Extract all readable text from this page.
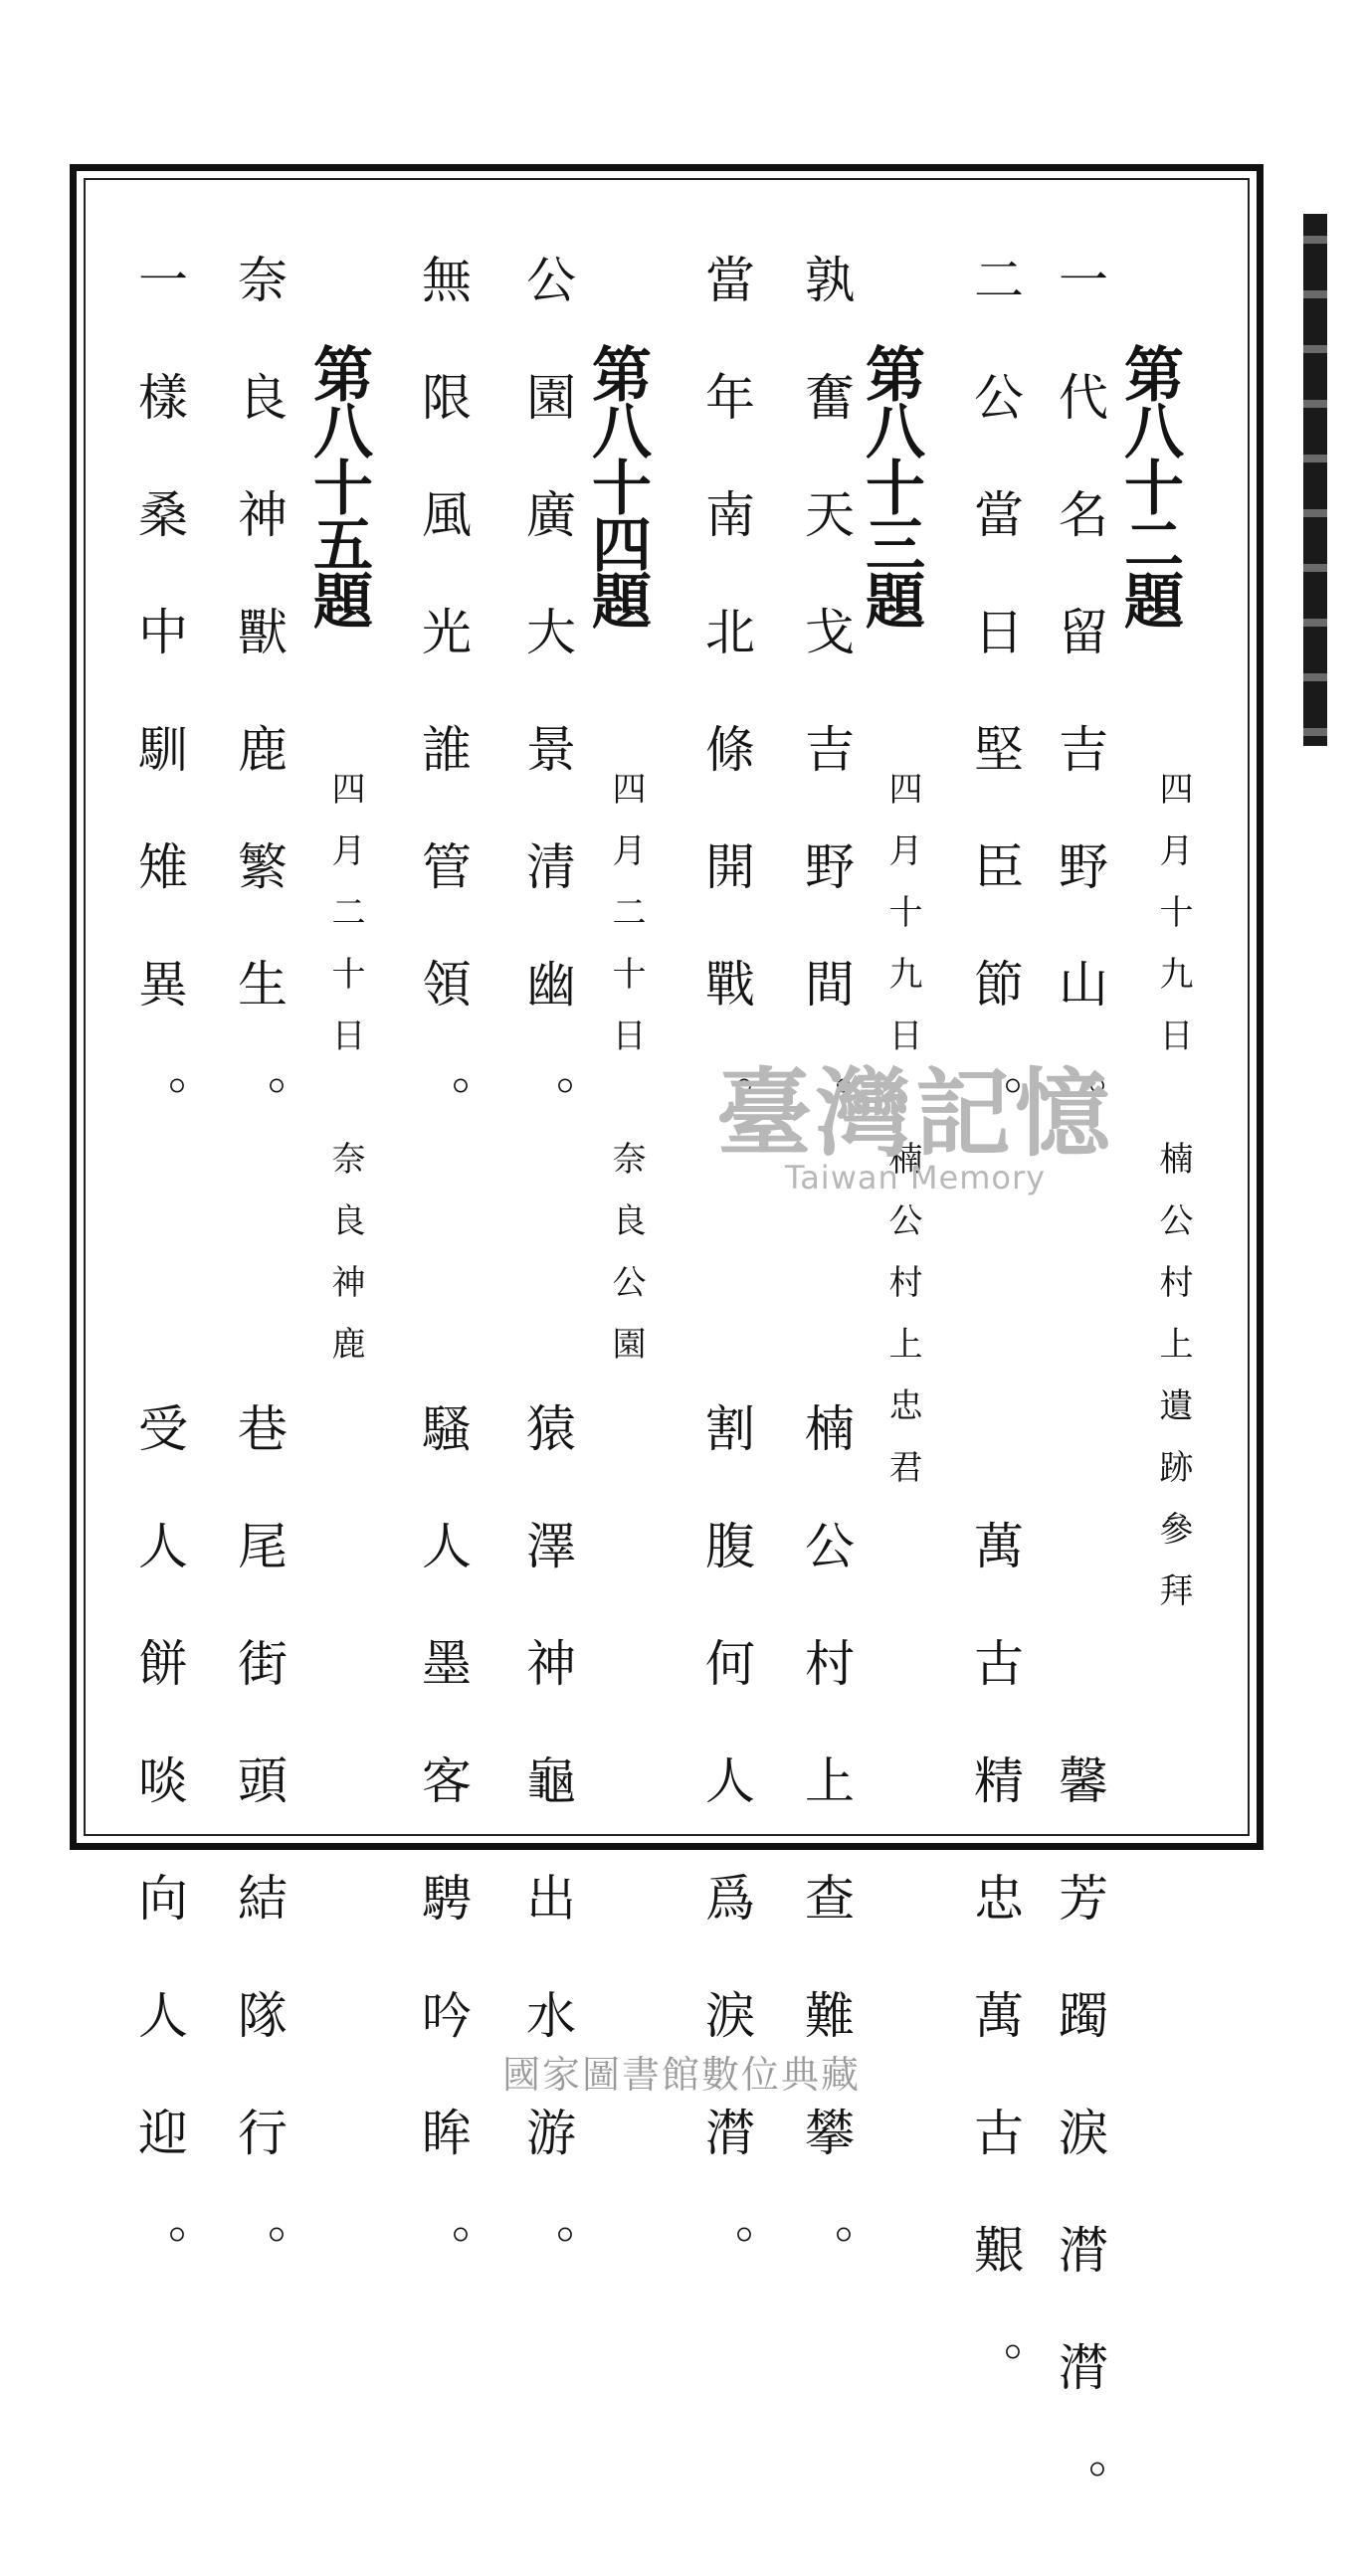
第八十二題
四月十九日　楠公村上遺跡參拜
一代名留吉野山。　　　　　馨芳躅淚潸潸。
二公當日堅臣節。　　　萬古精忠萬古艱。
第八十三題
四月十九日　楠公村上忠君
孰奮天戈吉野間。　　楠公村上查難攀。
當年南北條開戰。　　割腹何人爲淚潸。
第八十四題
四月二十日　奈良公園
公園廣大景清幽。　　猿澤神龜出水游。
無限風光誰管領。　　騷人墨客騁吟眸。
第八十五題
四月二十日　奈良神鹿
奈良神獸鹿繁生。　　巷尾街頭結隊行。
一樣桑中馴雉異。　　受人餅啖向人迎。	臺灣記憶
Taiwan Memory
國家圖書館數位典藏
